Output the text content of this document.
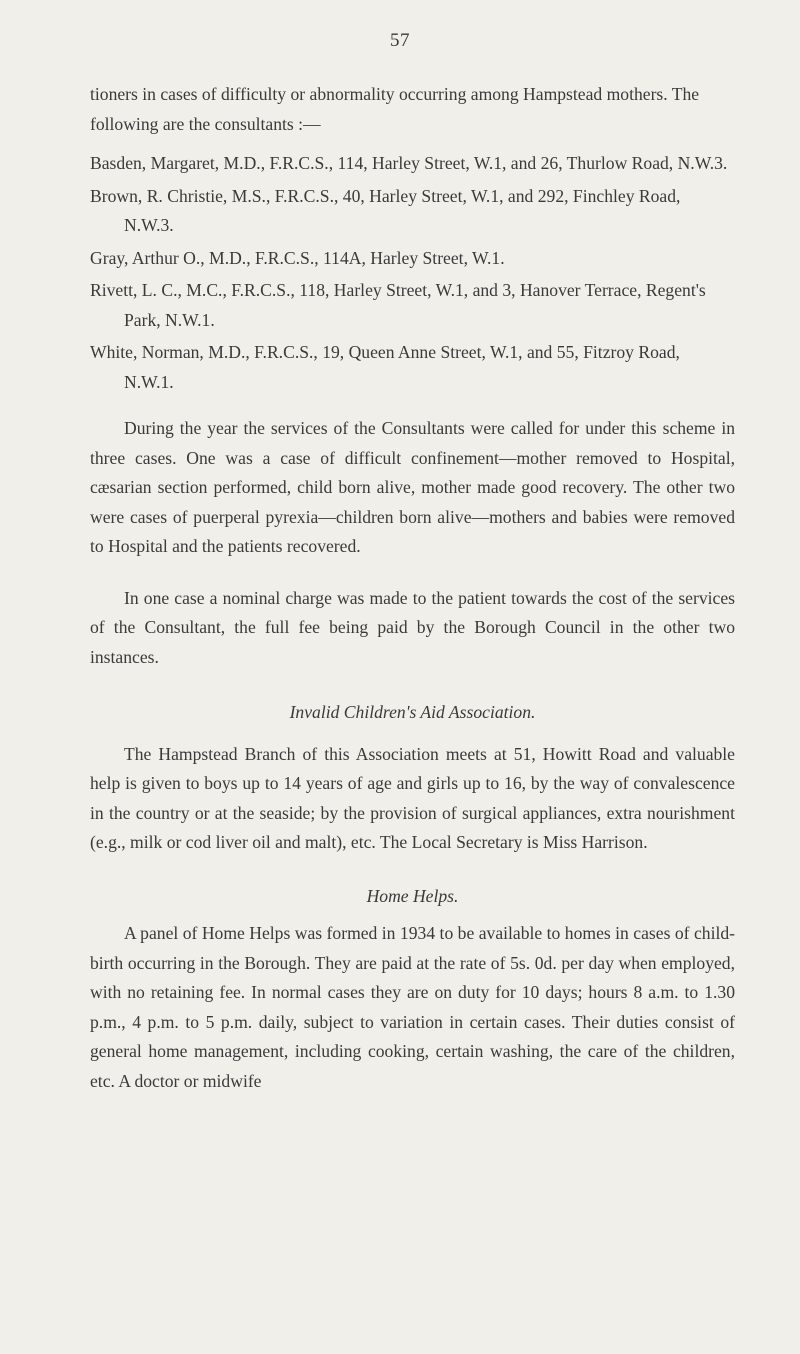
57

tioners in cases of difficulty or abnormality occurring among Hampstead mothers. The following are the consultants :—

Basden, Margaret, M.D., F.R.C.S., 114, Harley Street, W.1, and 26, Thurlow Road, N.W.3.
Brown, R. Christie, M.S., F.R.C.S., 40, Harley Street, W.1, and 292, Finchley Road, N.W.3.
Gray, Arthur O., M.D., F.R.C.S., 114A, Harley Street, W.1.
Rivett, L. C., M.C., F.R.C.S., 118, Harley Street, W.1, and 3, Hanover Terrace, Regent's Park, N.W.1.
White, Norman, M.D., F.R.C.S., 19, Queen Anne Street, W.1, and 55, Fitzroy Road, N.W.1.

During the year the services of the Consultants were called for under this scheme in three cases. One was a case of difficult confinement—mother removed to Hospital, cæsarian section performed, child born alive, mother made good recovery. The other two were cases of puerperal pyrexia—children born alive—mothers and babies were removed to Hospital and the patients recovered.

In one case a nominal charge was made to the patient towards the cost of the services of the Consultant, the full fee being paid by the Borough Council in the other two instances.

Invalid Children's Aid Association.

The Hampstead Branch of this Association meets at 51, Howitt Road and valuable help is given to boys up to 14 years of age and girls up to 16, by the way of convalescence in the country or at the seaside; by the provision of surgical appliances, extra nourishment (e.g., milk or cod liver oil and malt), etc. The Local Secretary is Miss Harrison.

Home Helps.

A panel of Home Helps was formed in 1934 to be available to homes in cases of child-birth occurring in the Borough. They are paid at the rate of 5s. 0d. per day when employed, with no retaining fee. In normal cases they are on duty for 10 days; hours 8 a.m. to 1.30 p.m., 4 p.m. to 5 p.m. daily, subject to variation in certain cases. Their duties consist of general home management, including cooking, certain washing, the care of the children, etc. A doctor or midwife
